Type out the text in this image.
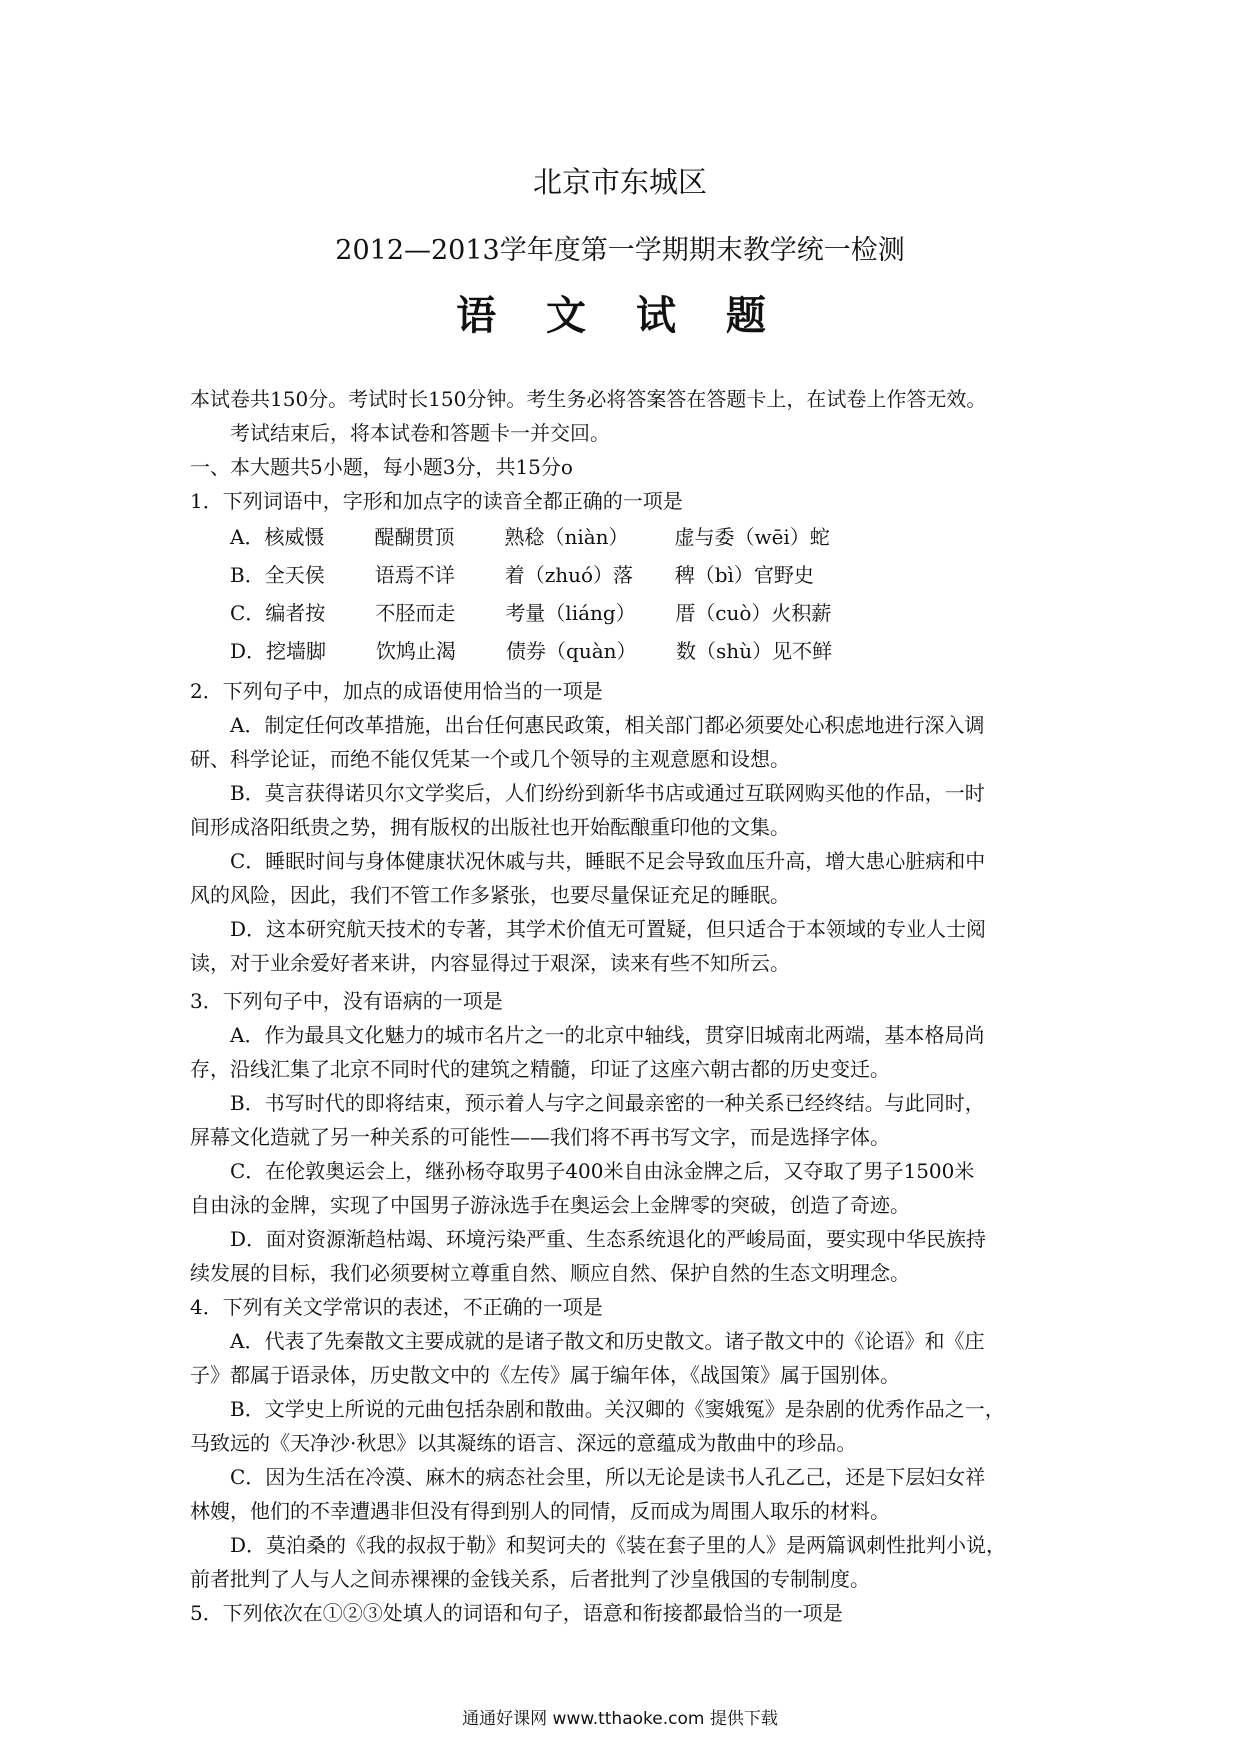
北京市东城区
2012—2013学年度第一学期期末教学统一检测
语 文 试 题
本试卷共150分。考试时长150分钟。考生务必将答案答在答题卡上，在试卷上作答无效。
考试结束后，将本试卷和答题卡一并交回。
一、本大题共5小题，每小题3分，共15分o
1．下列词语中，字形和加点字的读音全都正确的一项是
A． 核威慑	醍醐贯顶	熟稔（niàn）	虚与委（wēi）蛇
B． 全天侯	语焉不详	着（zhuó）落	稗（bì）官野史
C． 编者按	不胫而走	考量（liáng）	厝（cuò）火积薪
D． 挖墙脚	饮鸠止渴	债券（quàn）	数（shù）见不鲜
2．下列句子中，加点的成语使用恰当的一项是
A．制定任何改革措施，出台任何惠民政策，相关部门都必须要处心积虑地进行深入调
研、科学论证，而绝不能仅凭某一个或几个领导的主观意愿和设想。
B．莫言获得诺贝尔文学奖后，人们纷纷到新华书店或通过互联网购买他的作品，一时
间形成洛阳纸贵之势，拥有版权的出版社也开始酝酿重印他的文集。
C．睡眠时间与身体健康状况休戚与共，睡眠不足会导致血压升高，增大患心脏病和中
风的风险，因此，我们不管工作多紧张，也要尽量保证充足的睡眠。
D．这本研究航天技术的专著，其学术价值无可置疑，但只适合于本领域的专业人士阅
读，对于业余爱好者来讲，内容显得过于艰深，读来有些不知所云。
3．下列句子中，没有语病的一项是
A．作为最具文化魅力的城市名片之一的北京中轴线，贯穿旧城南北两端，基本格局尚
存，沿线汇集了北京不同时代的建筑之精髓，印证了这座六朝古都的历史变迁。
B．书写时代的即将结束，预示着人与字之间最亲密的一种关系已经终结。与此同时，
屏幕文化造就了另一种关系的可能性——我们将不再书写文字，而是选择字体。
C．在伦敦奥运会上，继孙杨夺取男子400米自由泳金牌之后，又夺取了男子1500米
自由泳的金牌，实现了中国男子游泳选手在奥运会上金牌零的突破，创造了奇迹。
D．面对资源渐趋枯竭、环境污染严重、生态系统退化的严峻局面，要实现中华民族持
续发展的目标，我们必须要树立尊重自然、顺应自然、保护自然的生态文明理念。
4．下列有关文学常识的表述，不正确的一项是
A．代表了先秦散文主要成就的是诸子散文和历史散文。诸子散文中的《论语》和《庄
子》都属于语录体，历史散文中的《左传》属于编年体，《战国策》属于国别体。
B．文学史上所说的元曲包括杂剧和散曲。关汉卿的《窦娥冤》是杂剧的优秀作品之一，
马致远的《天净沙·秋思》以其凝练的语言、深远的意蕴成为散曲中的珍品。
C．因为生活在冷漠、麻木的病态社会里，所以无论是读书人孔乙己，还是下层妇女祥
林嫂，他们的不幸遭遇非但没有得到别人的同情，反而成为周围人取乐的材料。
D．莫泊桑的《我的叔叔于勒》和契诃夫的《装在套子里的人》是两篇讽刺性批判小说，
前者批判了人与人之间赤裸裸的金钱关系，后者批判了沙皇俄国的专制制度。
5．下列依次在①②③处填人的词语和句子，语意和衔接都最恰当的一项是
通通好课网 www.tthaoke.com 提供下载
